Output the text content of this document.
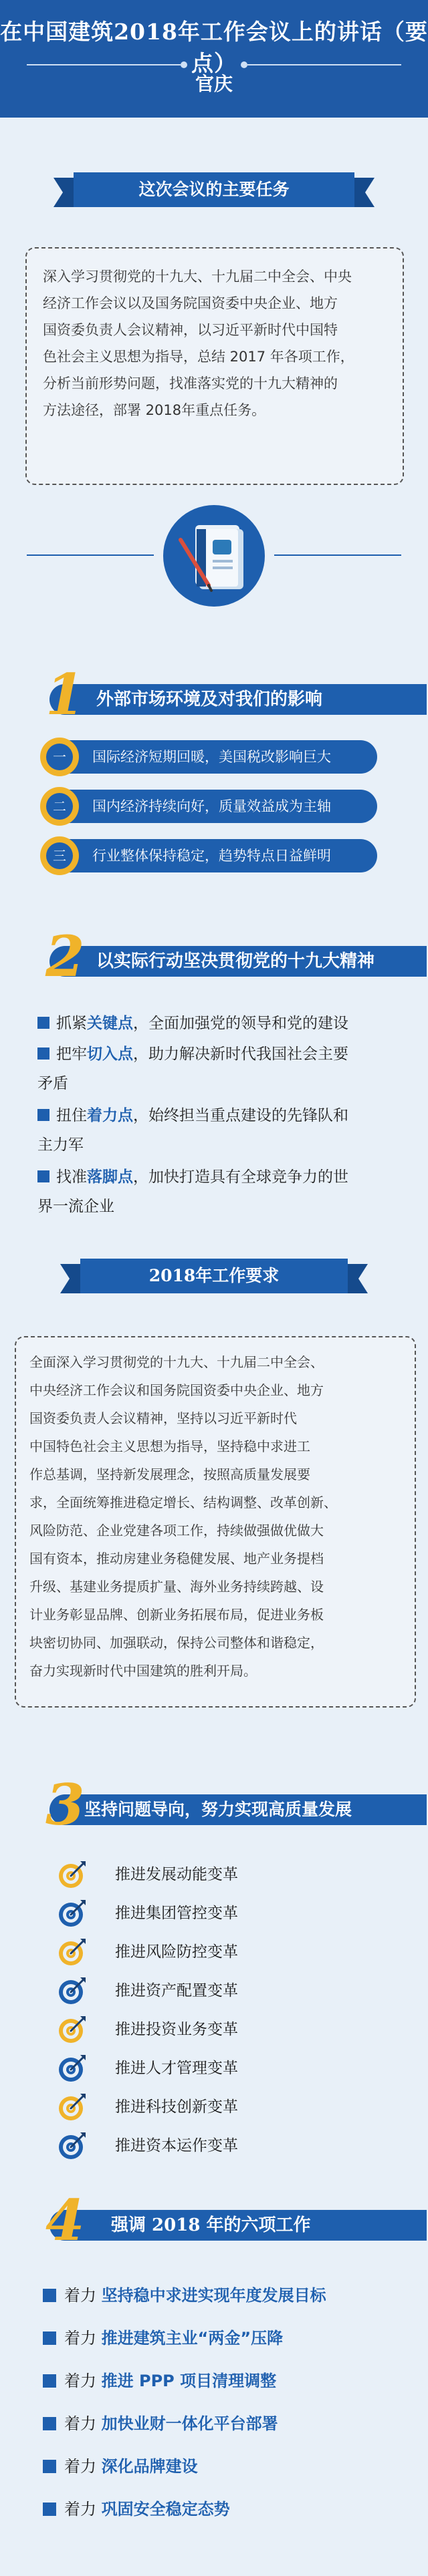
在中国建筑2018年工作会议上的讲话（要点）
官庆
这次会议的主要任务
深入学习贯彻党的十九大、十九届二中全会、中央
经济工作会议以及国务院国资委中央企业、地方
国资委负责人会议精神，以习近平新时代中国特
色社会主义思想为指导，总结 2017 年各项工作，
分析当前形势问题，找准落实党的十九大精神的
方法途径，部署 2018年重点任务。
1 外部市场环境及对我们的影响
一	国际经济短期回暖，美国税改影响巨大
二	国内经济持续向好，质量效益成为主轴
三	行业整体保持稳定，趋势特点日益鲜明
2 以实际行动坚决贯彻党的十九大精神
抓紧关键点，全面加强党的领导和党的建设
把牢切入点，助力解决新时代我国社会主要
矛盾
扭住着力点，始终担当重点建设的先锋队和
主力军
找准落脚点，加快打造具有全球竞争力的世
界一流企业
2018年工作要求
全面深入学习贯彻党的十九大、十九届二中全会、
中央经济工作会议和国务院国资委中央企业、地方
国资委负责人会议精神，坚持以习近平新时代
中国特色社会主义思想为指导，坚持稳中求进工
作总基调，坚持新发展理念，按照高质量发展要
求，全面统筹推进稳定增长、结构调整、改革创新、
风险防范、企业党建各项工作，持续做强做优做大
国有资本，推动房建业务稳健发展、地产业务提档
升级、基建业务提质扩量、海外业务持续跨越、设
计业务彰显品牌、创新业务拓展布局，促进业务板
块密切协同、加强联动，保持公司整体和谐稳定，
奋力实现新时代中国建筑的胜利开局。
3 坚持问题导向，努力实现高质量发展
推进发展动能变革
推进集团管控变革
推进风险防控变革
推进资产配置变革
推进投资业务变革
推进人才管理变革
推进科技创新变革
推进资本运作变革
4 强调 2018 年的六项工作
着力 坚持稳中求进实现年度发展目标
着力 推进建筑主业“两金”压降
着力 推进 PPP 项目清理调整
着力 加快业财一体化平台部署
着力 深化品牌建设
着力 巩固安全稳定态势
